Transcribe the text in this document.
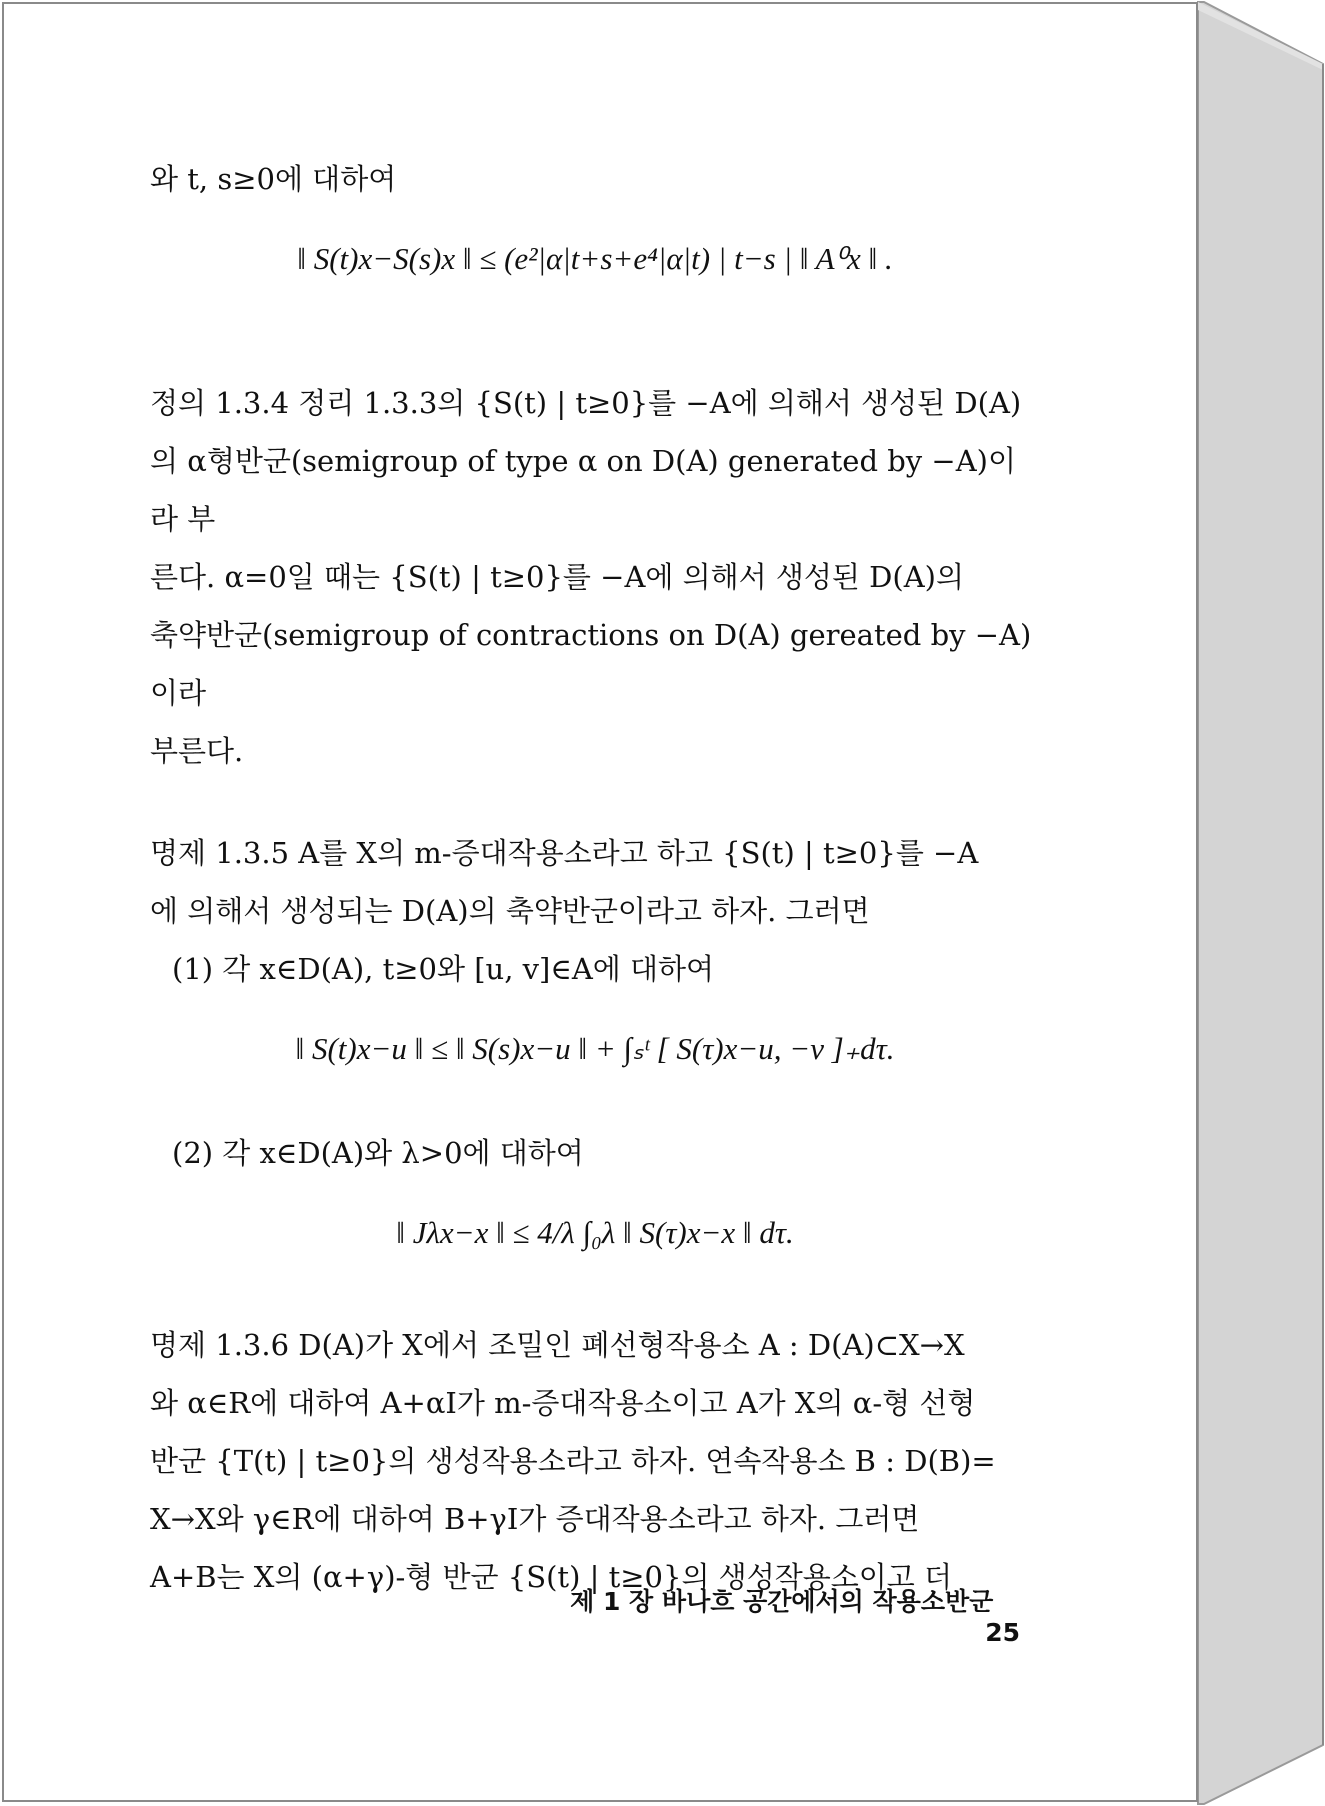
와 t, s≥0에 대하여

‖ S(t)x−S(s)x ‖ ≤ (e²|α|t+s+e⁴|α|t) | t−s | ‖ A⁰x ‖ .

정의 1.3.4 정리 1.3.3의 {S(t) | t≥0}를 −A에 의해서 생성된 D(A)

의 α형반군(semigroup of type α on D(A) generated by −A)이라 부

른다. α=0일 때는 {S(t) | t≥0}를 −A에 의해서 생성된 D(A)의

축약반군(semigroup of contractions on D(A) gereated by −A)이라

부른다.

명제 1.3.5 A를 X의 m-증대작용소라고 하고 {S(t) | t≥0}를 −A

에 의해서 생성되는 D(A)의 축약반군이라고 하자. 그러면

(1) 각 x∈D(A), t≥0와 [u, v]∈A에 대하여

‖ S(t)x−u ‖ ≤ ‖ S(s)x−u ‖ + ∫ₛᵗ [ S(τ)x−u, −v ]₊dτ.

(2) 각 x∈D(A)와 λ>0에 대하여

‖ Jλx−x ‖ ≤ 4/λ ∫₀λ ‖ S(τ)x−x ‖ dτ.

명제 1.3.6 D(A)가 X에서 조밀인 폐선형작용소 A : D(A)⊂X→X

와 α∈R에 대하여 A+αI가 m-증대작용소이고 A가 X의 α-형 선형

반군 {T(t) | t≥0}의 생성작용소라고 하자. 연속작용소 B : D(B)=

X→X와 γ∈R에 대하여 B+γI가 증대작용소라고 하자. 그러면

A+B는 X의 (α+γ)-형 반군 {S(t) | t≥0}의 생성작용소이고 더

제 1 장 바나흐 공간에서의 작용소반군  25
